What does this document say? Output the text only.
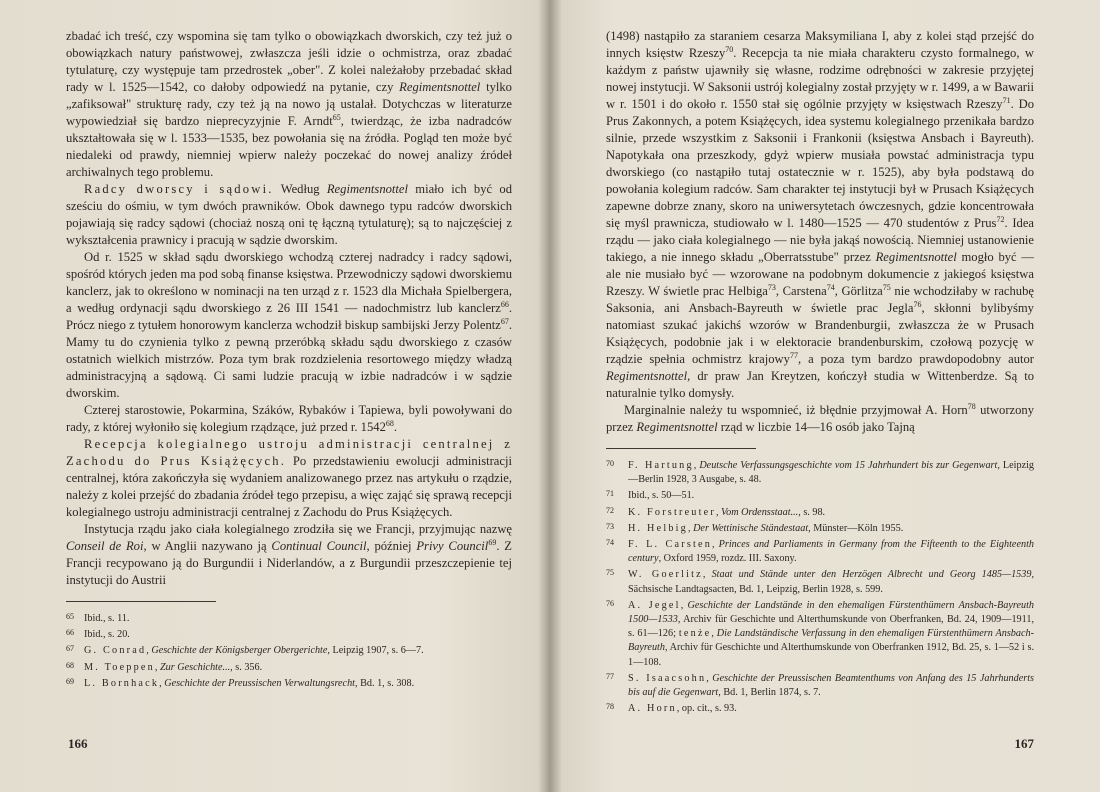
zbadać ich treść, czy wspomina się tam tylko o obowiązkach dworskich, czy też już o obowiązkach natury państwowej, zwłaszcza jeśli idzie o ochmistrza, oraz zbadać tytulaturę, czy występuje tam przedrostek „ober". Z kolei należałoby przebadać skład rady w l. 1525—1542, co dałoby odpowiedź na pytanie, czy Regimentsnottel tylko „zafiksował" strukturę rady, czy też ją na nowo ją ustalał. Dotychczas w literaturze wypowiedział się bardzo nieprecyzyjnie F. Arndt$^{65}$, twierdząc, że izba nadradców ukształtowała się w l. 1533—1535, bez powołania się na źródła. Pogląd ten może być niedaleki od prawdy, niemniej wpierw należy poczekać do nowej analizy źródeł archiwalnych tego problemu.

Radcy dworscy i sądowi. Według Regimentsnottel miało ich być od sześciu do ośmiu, w tym dwóch prawników. Obok dawnego typu radców dworskich pojawiają się radcy sądowi (chociaż noszą oni tę łączną tytulaturę); są to najczęściej z wykształcenia prawnicy i pracują w sądzie dworskim.

Od r. 1525 w skład sądu dworskiego wchodzą czterej nadradcy i radcy sądowi, spośród których jeden ma pod sobą finanse księstwa. Przewodniczy sądowi dworskiemu kanclerz, jak to określono w nominacji na ten urząd z r. 1523 dla Michała Spielbergera, a według ordynacji sądu dworskiego z 26 III 1541 — nadochmistrz lub kanclerz$^{66}$. Prócz niego z tytułem honorowym kanclerza wchodził biskup sambijski Jerzy Polentz$^{67}$. Mamy tu do czynienia tylko z pewną przeróbką składu sądu dworskiego z czasów ostatnich wielkich mistrzów. Poza tym brak rozdzielenia resortowego między władzą administracyjną a sądową. Ci sami ludzie pracują w izbie nadradców i w sądzie dworskim.

Czterej starostowie, Pokarmina, Száków, Rybaków i Tapiewa, byli powoływani do rady, z której wyłoniło się kolegium rządzące, już przed r. 1542$^{68}$.

Recepcja kolegialnego ustroju administracji centralnej z Zachodu do Prus Książęcych. Po przedstawieniu ewolucji administracji centralnej, która zakończyła się wydaniem analizowanego przez nas artykułu o rządzie, należy z kolei przejść do zbadania źródeł tego przepisu, a więc zająć się sprawą recepcji kolegialnego ustroju administracji centralnej z Zachodu do Prus Książęcych.

Instytucja rządu jako ciała kolegialnego zrodziła się we Francji, przyjmując nazwę Conseil de Roi, w Anglii nazywano ją Continual Council, później Privy Council$^{69}$. Z Francji recypowano ją do Burgundii i Niderlandów, a z Burgundii przeszczepienie tej instytucji do Austrii

65 Ibid., s. 11.

66 Ibid., s. 20.

67 G. Conrad, Geschichte der Königsberger Obergerichte, Leipzig 1907, s. 6—7.

68 M. Toeppen, Zur Geschichte..., s. 356.

69 L. Bornhack, Geschichte der Preussischen Verwaltungsrecht, Bd. 1, s. 308.

166

(1498) nastąpiło za staraniem cesarza Maksymiliana I, aby z kolei stąd przejść do innych księstw Rzeszy$^{70}$. Recepcja ta nie miała charakteru czysto formalnego, w każdym z państw ujawniły się własne, rodzime odrębności w zakresie przyjętej nowej instytucji. W Saksonii ustrój kolegialny został przyjęty w r. 1499, a w Bawarii w r. 1501 i do około r. 1550 stał się ogólnie przyjęty w księstwach Rzeszy$^{71}$. Do Prus Zakonnych, a potem Książęcych, idea systemu kolegialnego przenikała bardzo silnie, przede wszystkim z Saksonii i Frankonii (księstwa Ansbach i Bayreuth). Napotykała ona przeszkody, gdyż wpierw musiała powstać administracja typu dworskiego (co nastąpiło tutaj ostatecznie w r. 1525), aby była podstawą do powołania kolegium radców. Sam charakter tej instytucji był w Prusach Książęcych zapewne dobrze znany, skoro na uniwersytetach ówczesnych, gdzie koncentrowała się myśl prawnicza, studiowało w l. 1480—1525 — 470 studentów z Prus$^{72}$. Idea rządu — jako ciała kolegialnego — nie była jakąś nowością. Niemniej ustanowienie takiego, a nie innego składu „Oberratsstube" przez Regimentsnottel mogło być — ale nie musiało być — wzorowane na podobnym dokumencie z jakiegoś księstwa Rzeszy. W świetle prac Helbiga$^{73}$, Carstena$^{74}$, Görlitza$^{75}$ nie wchodziłaby w rachubę Saksonia, ani Ansbach-Bayreuth w świetle prac Jegla$^{76}$, skłonni bylibyśmy natomiast szukać jakichś wzorów w Brandenburgii, zwłaszcza że w Prusach Książęcych, podobnie jak i w elektoracie brandenburskim, czołową pozycję w rządzie spełnia ochmistrz krajowy$^{77}$, a poza tym bardzo prawdopodobny autor Regimentsnottel, dr praw Jan Kreytzen, kończył studia w Wittenberdze. Są to naturalnie tylko domysły.

Marginalnie należy tu wspomnieć, iż błędnie przyjmował A. Horn$^{78}$ utworzony przez Regimentsnottel rząd w liczbie 14—16 osób jako Tajną

70 F. Hartung, Deutsche Verfassungsgeschichte vom 15 Jahrhundert bis zur Gegenwart, Leipzig—Berlin 1928, 3 Ausgabe, s. 48.

71 Ibid., s. 50—51.

72 K. Forstreuter, Vom Ordensstaat..., s. 98.

73 H. Helbig, Der Wettinische Ständestaat, Münster—Köln 1955.

74 F. L. Carsten, Princes and Parliaments in Germany from the Fifteenth to the Eighteenth century, Oxford 1959, rozdz. III. Saxony.

75 W. Goerlitz, Staat und Stände unter den Herzögen Albrecht und Georg 1485—1539, Sächsische Landtagsacten, Bd. 1, Leipzig, Berlin 1928, s. 599.

76 A. Jegel, Geschichte der Landstände in den ehemaligen Fürstenthümern Ansbach-Bayreuth 1500—1533, Archiv für Geschichte und Alterthumskunde von Oberfranken, Bd. 24, 1909—1911, s. 61—126; tenże, Die Landständische Verfassung in den ehemaligen Fürstenthümern Ansbach-Bayreuth, Archiv für Geschichte und Alterthumskunde von Oberfranken 1912, Bd. 25, s. 1—52 i s. 1—108.

77 S. Isaacsohn, Geschichte der Preussischen Beamtenthums von Anfang des 15 Jahrhunderts bis auf die Gegenwart, Bd. 1, Berlin 1874, s. 7.

78 A. Horn, op. cit., s. 93.

167
